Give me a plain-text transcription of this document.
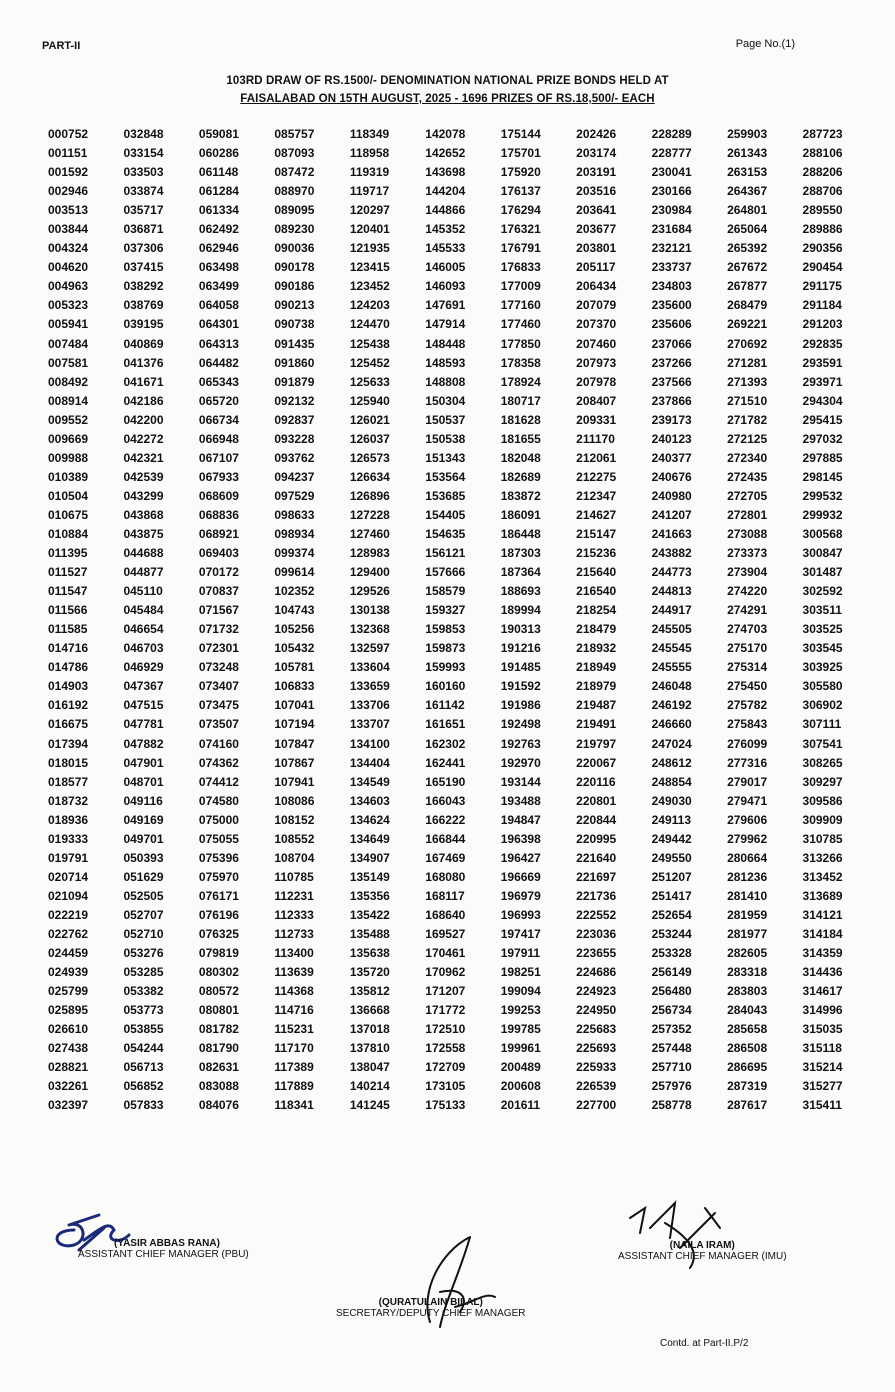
PART-II	Page No.(1)
103RD DRAW OF RS.1500/- DENOMINATION NATIONAL PRIZE BONDS HELD AT
FAISALABAD ON 15TH AUGUST, 2025 - 1696 PRIZES OF RS.18,500/- EACH
000752
001151
001592
002946
003513
003844
004324
004620
004963
005323
005941
007484
007581
008492
008914
009552
009669
009988
010389
010504
010675
010884
011395
011527
011547
011566
011585
014716
014786
014903
016192
016675
017394
018015
018577
018732
018936
019333
019791
020714
021094
022219
022762
024459
024939
025799
025895
026610
027438
028821
032261
032397
032848
033154
033503
033874
035717
036871
037306
037415
038292
038769
039195
040869
041376
041671
042186
042200
042272
042321
042539
043299
043868
043875
044688
044877
045110
045484
046654
046703
046929
047367
047515
047781
047882
047901
048701
049116
049169
049701
050393
051629
052505
052707
052710
053276
053285
053382
053773
053855
054244
056713
056852
057833
059081
060286
061148
061284
061334
062492
062946
063498
063499
064058
064301
064313
064482
065343
065720
066734
066948
067107
067933
068609
068836
068921
069403
070172
070837
071567
071732
072301
073248
073407
073475
073507
074160
074362
074412
074580
075000
075055
075396
075970
076171
076196
076325
079819
080302
080572
080801
081782
081790
082631
083088
084076
085757
087093
087472
088970
089095
089230
090036
090178
090186
090213
090738
091435
091860
091879
092132
092837
093228
093762
094237
097529
098633
098934
099374
099614
102352
104743
105256
105432
105781
106833
107041
107194
107847
107867
107941
108086
108152
108552
108704
110785
112231
112333
112733
113400
113639
114368
114716
115231
117170
117389
117889
118341
118349
118958
119319
119717
120297
120401
121935
123415
123452
124203
124470
125438
125452
125633
125940
126021
126037
126573
126634
126896
127228
127460
128983
129400
129526
130138
132368
132597
133604
133659
133706
133707
134100
134404
134549
134603
134624
134649
134907
135149
135356
135422
135488
135638
135720
135812
136668
137018
137810
138047
140214
141245
142078
142652
143698
144204
144866
145352
145533
146005
146093
147691
147914
148448
148593
148808
150304
150537
150538
151343
153564
153685
154405
154635
156121
157666
158579
159327
159853
159873
159993
160160
161142
161651
162302
162441
165190
166043
166222
166844
167469
168080
168117
168640
169527
170461
170962
171207
171772
172510
172558
172709
173105
175133
175144
175701
175920
176137
176294
176321
176791
176833
177009
177160
177460
177850
178358
178924
180717
181628
181655
182048
182689
183872
186091
186448
187303
187364
188693
189994
190313
191216
191485
191592
191986
192498
192763
192970
193144
193488
194847
196398
196427
196669
196979
196993
197417
197911
198251
199094
199253
199785
199961
200489
200608
201611
202426
203174
203191
203516
203641
203677
203801
205117
206434
207079
207370
207460
207973
207978
208407
209331
211170
212061
212275
212347
214627
215147
215236
215640
216540
218254
218479
218932
218949
218979
219487
219491
219797
220067
220116
220801
220844
220995
221640
221697
221736
222552
223036
223655
224686
224923
224950
225683
225693
225933
226539
227700
228289
228777
230041
230166
230984
231684
232121
233737
234803
235600
235606
237066
237266
237566
237866
239173
240123
240377
240676
240980
241207
241663
243882
244773
244813
244917
245505
245545
245555
246048
246192
246660
247024
248612
248854
249030
249113
249442
249550
251207
251417
252654
253244
253328
256149
256480
256734
257352
257448
257710
257976
258778
259903
261343
263153
264367
264801
265064
265392
267672
267877
268479
269221
270692
271281
271393
271510
271782
272125
272340
272435
272705
272801
273088
273373
273904
274220
274291
274703
275170
275314
275450
275782
275843
276099
277316
279017
279471
279606
279962
280664
281236
281410
281959
281977
282605
283318
283803
284043
285658
286508
286695
287319
287617
287723
288106
288206
288706
289550
289886
290356
290454
291175
291184
291203
292835
293591
293971
294304
295415
297032
297885
298145
299532
299932
300568
300847
301487
302592
303511
303525
303545
303925
305580
306902
307111
307541
308265
309297
309586
309909
310785
313266
313452
313689
314121
314184
314359
314436
314617
314996
315035
315118
315214
315277
315411
(YASIR ABBAS RANA)
ASSISTANT CHIEF MANAGER (PBU)
(QURATULAIN BILAL)
SECRETARY/DEPUTY CHIEF MANAGER
(NAILA IRAM)
ASSISTANT CHIEF MANAGER (IMU)
Contd. at Part-II.P/2
